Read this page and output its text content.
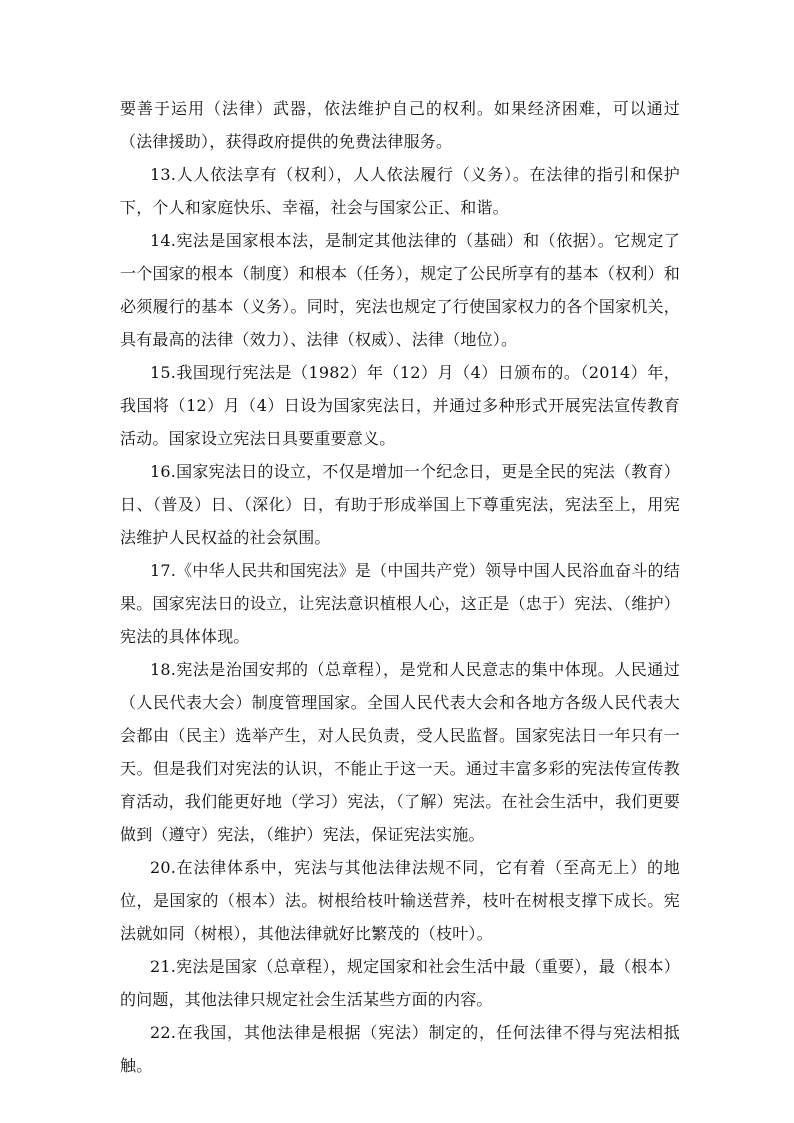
要善于运用（法律）武器，依法维护自己的权利。如果经济困难，可以通过（法律援助），获得政府提供的免费法律服务。

13.人人依法享有（权利），人人依法履行（义务）。在法律的指引和保护下，个人和家庭快乐、幸福，社会与国家公正、和谐。

14.宪法是国家根本法，是制定其他法律的（基础）和（依据）。它规定了一个国家的根本（制度）和根本（任务），规定了公民所享有的基本（权利）和必须履行的基本（义务）。同时，宪法也规定了行使国家权力的各个国家机关，具有最高的法律（效力）、法律（权威）、法律（地位）。

15.我国现行宪法是（1982）年（12）月（4）日颁布的。（2014）年，我国将（12）月（4）日设为国家宪法日，并通过多种形式开展宪法宣传教育活动。国家设立宪法日具要重要意义。

16.国家宪法日的设立，不仅是增加一个纪念日，更是全民的宪法（教育）日、（普及）日、（深化）日，有助于形成举国上下尊重宪法，宪法至上，用宪法维护人民权益的社会氛围。

17.《中华人民共和国宪法》是（中国共产党）领导中国人民浴血奋斗的结果。国家宪法日的设立，让宪法意识植根人心，这正是（忠于）宪法、（维护）宪法的具体体现。

18.宪法是治国安邦的（总章程），是党和人民意志的集中体现。人民通过（人民代表大会）制度管理国家。全国人民代表大会和各地方各级人民代表大会都由（民主）选举产生，对人民负责，受人民监督。国家宪法日一年只有一天。但是我们对宪法的认识，不能止于这一天。通过丰富多彩的宪法传宣传教育活动，我们能更好地（学习）宪法，（了解）宪法。在社会生活中，我们更要做到（遵守）宪法，（维护）宪法，保证宪法实施。

20.在法律体系中，宪法与其他法律法规不同，它有着（至高无上）的地位，是国家的（根本）法。树根给枝叶输送营养，枝叶在树根支撑下成长。宪法就如同（树根），其他法律就好比繁茂的（枝叶）。

21.宪法是国家（总章程），规定国家和社会生活中最（重要），最（根本）的问题，其他法律只规定社会生活某些方面的内容。

22.在我国，其他法律是根据（宪法）制定的，任何法律不得与宪法相抵触。
